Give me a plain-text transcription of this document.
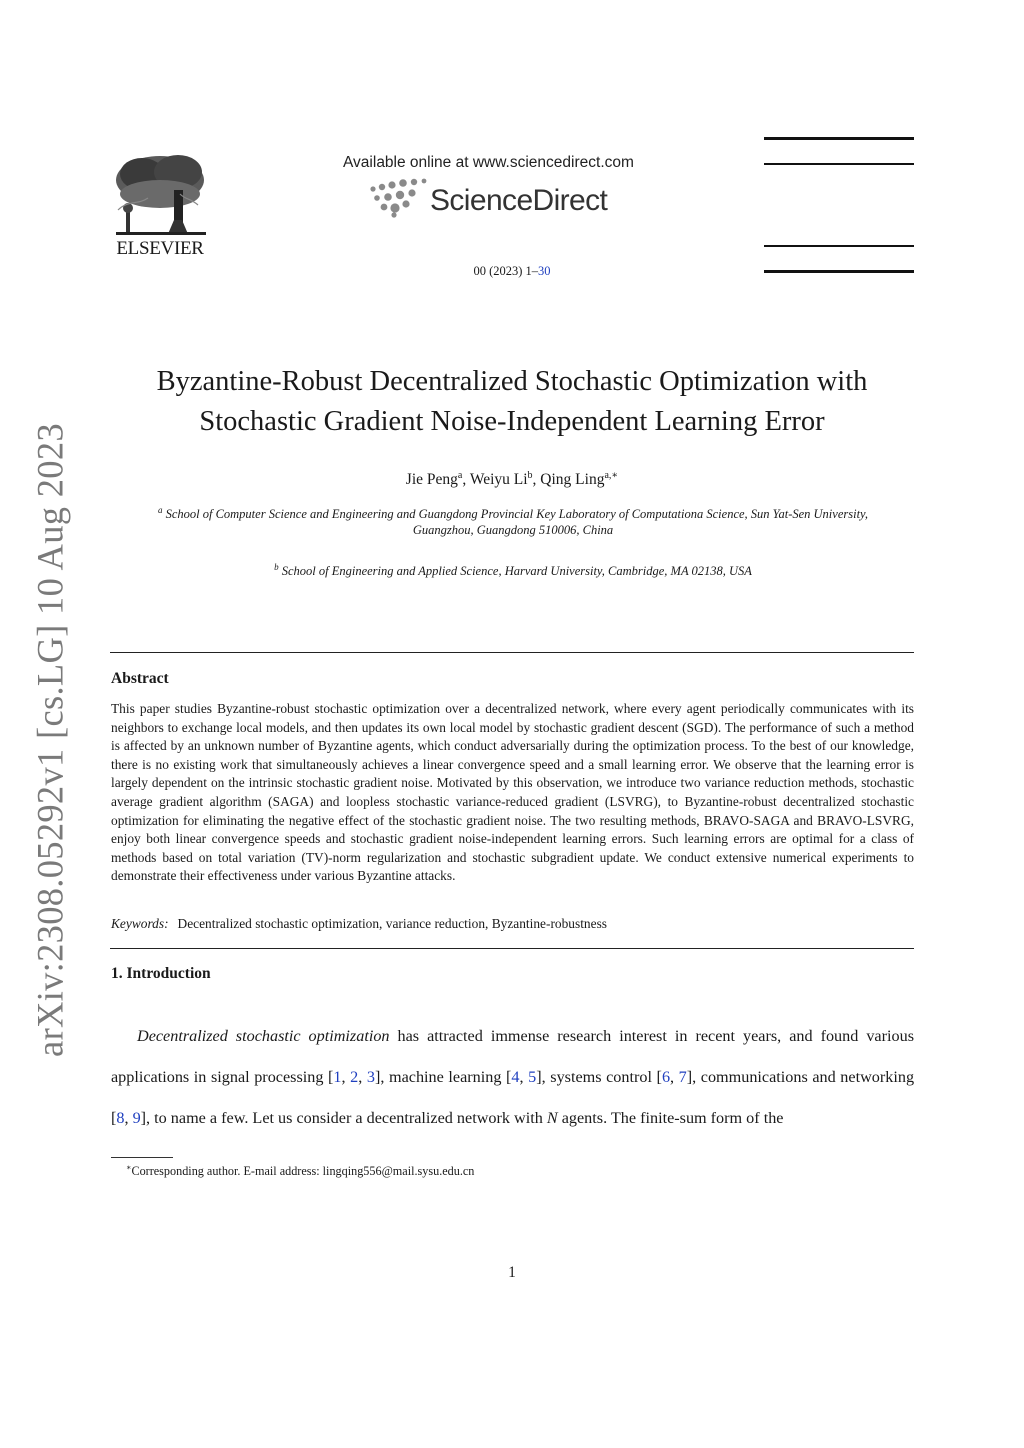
arXiv:2308.05292v1 [cs.LG] 10 Aug 2023
ELSEVIER
Available online at www.sciencedirect.com
ScienceDirect
00 (2023) 1–30
Byzantine-Robust Decentralized Stochastic Optimization with
Stochastic Gradient Noise-Independent Learning Error
Jie Peng$^a$, Weiyu Li$^b$, Qing Ling$^{a,∗}$
$^a$ School of Computer Science and Engineering and Guangdong Provincial Key Laboratory of Computationa Science, Sun Yat-Sen University,
Guangzhou, Guangdong 510006, China
$^b$ School of Engineering and Applied Science, Harvard University, Cambridge, MA 02138, USA
Abstract
This paper studies Byzantine-robust stochastic optimization over a decentralized network, where every agent periodically communicates with its neighbors to exchange local models, and then updates its own local model by stochastic gradient descent (SGD). The performance of such a method is affected by an unknown number of Byzantine agents, which conduct adversarially during the optimization process. To the best of our knowledge, there is no existing work that simultaneously achieves a linear convergence speed and a small learning error. We observe that the learning error is largely dependent on the intrinsic stochastic gradient noise. Motivated by this observation, we introduce two variance reduction methods, stochastic average gradient algorithm (SAGA) and loopless stochastic variance-reduced gradient (LSVRG), to Byzantine-robust decentralized stochastic optimization for eliminating the negative effect of the stochastic gradient noise. The two resulting methods, BRAVO-SAGA and BRAVO-LSVRG, enjoy both linear convergence speeds and stochastic gradient noise-independent learning errors. Such learning errors are optimal for a class of methods based on total variation (TV)-norm regularization and stochastic subgradient update. We conduct extensive numerical experiments to demonstrate their effectiveness under various Byzantine attacks.
Keywords: Decentralized stochastic optimization, variance reduction, Byzantine-robustness
1. Introduction
Decentralized stochastic optimization has attracted immense research interest in recent years, and found various applications in signal processing [1, 2, 3], machine learning [4, 5], systems control [6, 7], communications and networking [8, 9], to name a few. Let us consider a decentralized network with N agents. The finite-sum form of the
∗Corresponding author. E-mail address: lingqing556@mail.sysu.edu.cn
1
